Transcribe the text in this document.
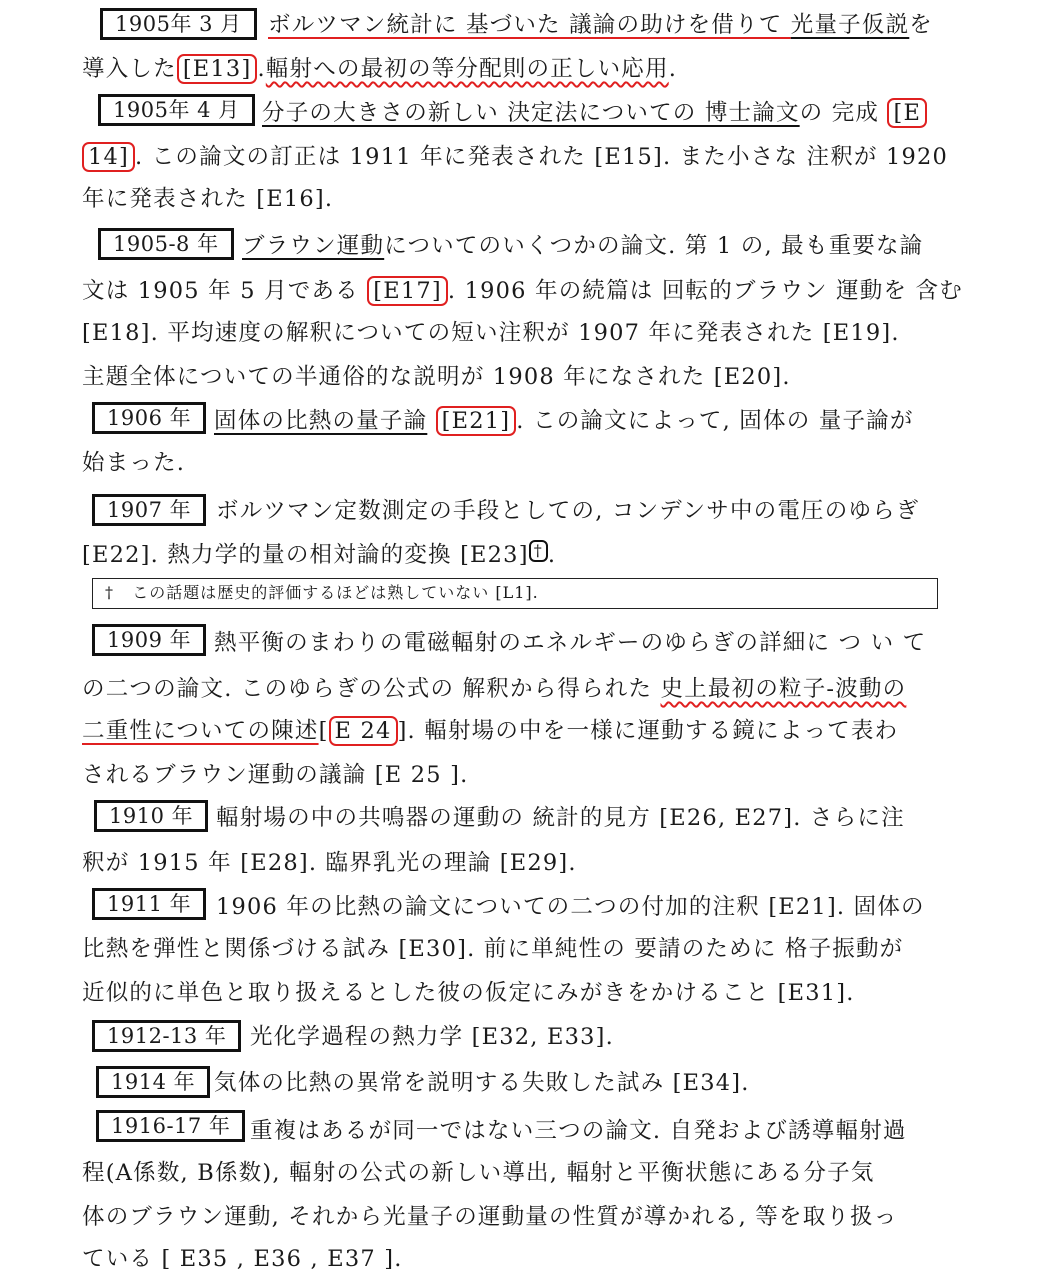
1905年 3 月	ボルツマン統計に 基づいた 議論の助けを借りて 光量子仮説を
導入した [E13] .輻射への最初の等分配則の正しい応用.
1905年 4 月 分子の大きさの新しい 決定法についての 博士論文の 完成 [E
14] . この論文の訂正は 1911 年に発表された [E15]. また小さな 注釈が 1920
年に発表された [E16].
1905-8 年	ブラウン運動についてのいくつかの論文. 第 1 の, 最も重要な論
文は 1905 年 5 月である [E17] . 1906 年の続篇は 回転的ブラウン 運動を 含む
[E18]. 平均速度の解釈についての短い注釈が 1907 年に発表された [E19].
主題全体についての半通俗的な説明が 1908 年になされた [E20].
1906 年	固体の比熱の量子論 [E21] . この論文によって, 固体の 量子論が
始まった.
1907 年	ボルツマン定数測定の手段としての, コンデンサ中の電圧のゆらぎ
[E22]. 熱力学的量の相対論的変換 [E23] † .
† この話題は歴史的評価するほどは熟していない [L1].
1909 年	熱平衡のまわりの電磁輻射のエネルギーのゆらぎの詳細に つ い て
の二つの論文. このゆらぎの公式の 解釈から得られた 史上最初の粒子-波動の
二重性についての陳述[ E 24 ]. 輻射場の中を一様に運動する鏡によって表わ
されるブラウン運動の議論 [E 25 ].
1910 年	輻射場の中の共鳴器の運動の 統計的見方 [E26, E27]. さらに注
釈が 1915 年 [E28]. 臨界乳光の理論 [E29].
1911 年	1906 年の比熱の論文についての二つの付加的注釈 [E21]. 固体の
比熱を弾性と関係づける試み [E30]. 前に単純性の 要請のために 格子振動が
近似的に単色と取り扱えるとした彼の仮定にみがきをかけること [E31].
1912-13 年	光化学過程の熱力学 [E32, E33].
1914 年 気体の比熱の異常を説明する失敗した試み [E34].
1916-17 年 重複はあるが同一ではない三つの論文. 自発および誘導輻射過
程(A係数, B係数), 輻射の公式の新しい導出, 輻射と平衡状態にある分子気
体のブラウン運動, それから光量子の運動量の性質が導かれる, 等を取り扱っ
ている [ E35 , E36 , E37 ].
